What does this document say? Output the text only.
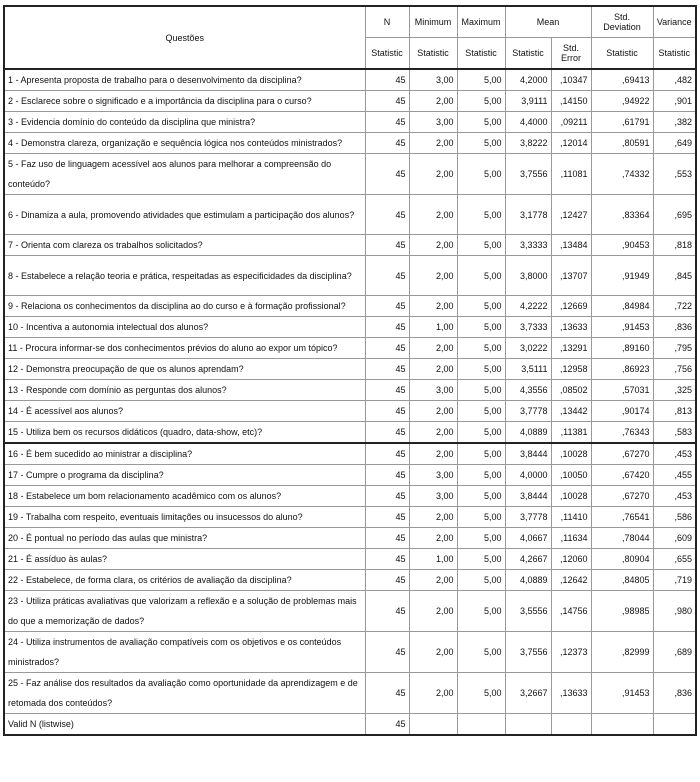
Questões	N	Minimum	Maximum	Mean		Std. Deviation	Variance
	Statistic	Statistic	Statistic	Statistic	Std. Error	Statistic	Statistic
1 - Apresenta proposta de trabalho para o desenvolvimento da disciplina?	45	3,00	5,00	4,2000	,10347	,69413	,482
2 - Esclarece sobre o significado e a importância da disciplina para o curso?	45	2,00	5,00	3,9111	,14150	,94922	,901
3 - Evidencia domínio do conteúdo da disciplina que ministra?	45	3,00	5,00	4,4000	,09211	,61791	,382
4 - Demonstra clareza, organização e sequência lógica nos conteúdos ministrados?	45	2,00	5,00	3,8222	,12014	,80591	,649
5 - Faz uso de linguagem acessível aos alunos para melhorar a compreensão do conteúdo?	45	2,00	5,00	3,7556	,11081	,74332	,553
6 - Dinamiza a aula, promovendo atividades que estimulam a participação dos alunos?	45	2,00	5,00	3,1778	,12427	,83364	,695
7 - Orienta com clareza os trabalhos solicitados?	45	2,00	5,00	3,3333	,13484	,90453	,818
8 - Estabelece a relação teoria e prática, respeitadas as especificidades da disciplina?	45	2,00	5,00	3,8000	,13707	,91949	,845
9 - Relaciona os conhecimentos da disciplina ao do curso e à formação profissional?	45	2,00	5,00	4,2222	,12669	,84984	,722
10 - Incentiva a autonomia intelectual dos alunos?	45	1,00	5,00	3,7333	,13633	,91453	,836
11 - Procura informar-se dos conhecimentos prévios do aluno ao expor um tópico?	45	2,00	5,00	3,0222	,13291	,89160	,795
12 - Demonstra preocupação de que os alunos aprendam?	45	2,00	5,00	3,5111	,12958	,86923	,756
13 - Responde com domínio as perguntas dos alunos?	45	3,00	5,00	4,3556	,08502	,57031	,325
14 - É acessível aos alunos?	45	2,00	5,00	3,7778	,13442	,90174	,813
15 - Utiliza bem os recursos didáticos (quadro, data-show, etc)?	45	2,00	5,00	4,0889	,11381	,76343	,583
16 - É bem sucedido ao ministrar a disciplina?	45	2,00	5,00	3,8444	,10028	,67270	,453
17 - Cumpre o programa da disciplina?	45	3,00	5,00	4,0000	,10050	,67420	,455
18 - Estabelece um bom relacionamento acadêmico com os alunos?	45	3,00	5,00	3,8444	,10028	,67270	,453
19 - Trabalha com respeito, eventuais limitações ou insucessos do aluno?	45	2,00	5,00	3,7778	,11410	,76541	,586
20 - É pontual no período das aulas que ministra?	45	2,00	5,00	4,0667	,11634	,78044	,609
21 - É assíduo às aulas?	45	1,00	5,00	4,2667	,12060	,80904	,655
22 - Estabelece, de forma clara, os critérios de avaliação da disciplina?	45	2,00	5,00	4,0889	,12642	,84805	,719
23 - Utiliza práticas avaliativas que valorizam a reflexão e a solução de problemas mais do que a memorização de dados?	45	2,00	5,00	3,5556	,14756	,98985	,980
24 - Utiliza instrumentos de avaliação compatíveis com os objetivos e os conteúdos ministrados?	45	2,00	5,00	3,7556	,12373	,82999	,689
25 - Faz análise dos resultados da avaliação como oportunidade da aprendizagem e de retomada dos conteúdos?	45	2,00	5,00	3,2667	,13633	,91453	,836
Valid N (listwise)	45						
